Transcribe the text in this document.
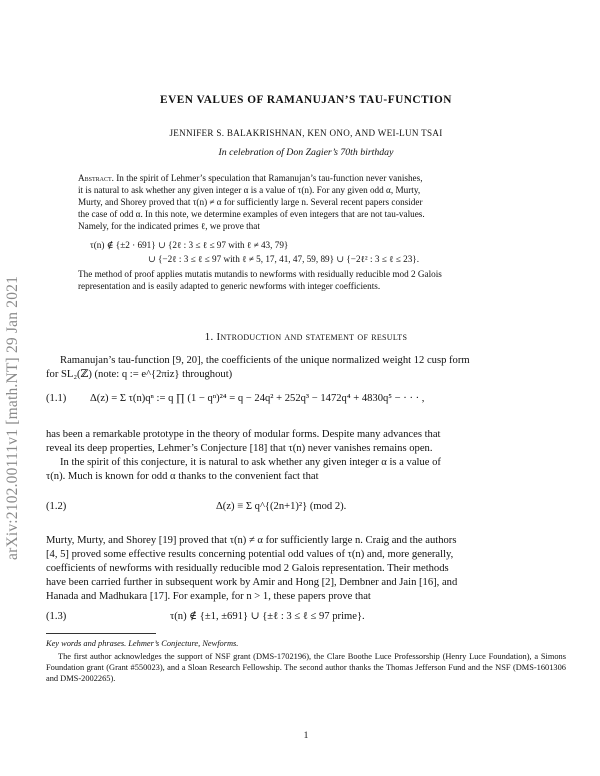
arXiv:2102.00111v1 [math.NT] 29 Jan 2021
EVEN VALUES OF RAMANUJAN’S TAU-FUNCTION
JENNIFER S. BALAKRISHNAN, KEN ONO, AND WEI-LUN TSAI
In celebration of Don Zagier’s 70th birthday
Abstract. In the spirit of Lehmer’s speculation that Ramanujan’s tau-function never vanishes,
it is natural to ask whether any given integer α is a value of τ(n). For any given odd α, Murty,
Murty, and Shorey proved that τ(n) ≠ α for sufficiently large n. Several recent papers consider
the case of odd α. In this note, we determine examples of even integers that are not tau-values.
Namely, for the indicated primes ℓ, we prove that
τ(n) ∉ {±2 · 691} ∪ {2ℓ : 3 ≤ ℓ ≤ 97 with ℓ ≠ 43, 79}
∪ {−2ℓ : 3 ≤ ℓ ≤ 97 with ℓ ≠ 5, 17, 41, 47, 59, 89} ∪ {−2ℓ² : 3 ≤ ℓ ≤ 23}.
The method of proof applies mutatis mutandis to newforms with residually reducible mod 2 Galois
representation and is easily adapted to generic newforms with integer coefficients.
1. Introduction and statement of results
Ramanujan’s tau-function [9, 20], the coefficients of the unique normalized weight 12 cusp form
for SL₂(ℤ) (note: q := e^{2πiz} throughout)
(1.1) Δ(z) = Σ τ(n)qⁿ := q ∏ (1 − qⁿ)²⁴ = q − 24q² + 252q³ − 1472q⁴ + 4830q⁵ − · · · ,
has been a remarkable prototype in the theory of modular forms. Despite many advances that
reveal its deep properties, Lehmer’s Conjecture [18] that τ(n) never vanishes remains open.
In the spirit of this conjecture, it is natural to ask whether any given integer α is a value of
τ(n). Much is known for odd α thanks to the convenient fact that
(1.2)	Δ(z) ≡ Σ q^{(2n+1)²} (mod 2).
Murty, Murty, and Shorey [19] proved that τ(n) ≠ α for sufficiently large n. Craig and the authors
[4, 5] proved some effective results concerning potential odd values of τ(n) and, more generally,
coefficients of newforms with residually reducible mod 2 Galois representation. Their methods
have been carried further in subsequent work by Amir and Hong [2], Dembner and Jain [16], and
Hanada and Madhukara [17]. For example, for n > 1, these papers prove that
(1.3)	τ(n) ∉ {±1, ±691} ∪ {±ℓ : 3 ≤ ℓ ≤ 97 prime}.
Key words and phrases. Lehmer’s Conjecture, Newforms.
The first author acknowledges the support of NSF grant (DMS-1702196), the Clare Boothe Luce Professorship (Henry Luce Foundation), a Simons Foundation grant (Grant #550023), and a Sloan Research Fellowship. The second author thanks the Thomas Jefferson Fund and the NSF (DMS-1601306 and DMS-2002265).
1
